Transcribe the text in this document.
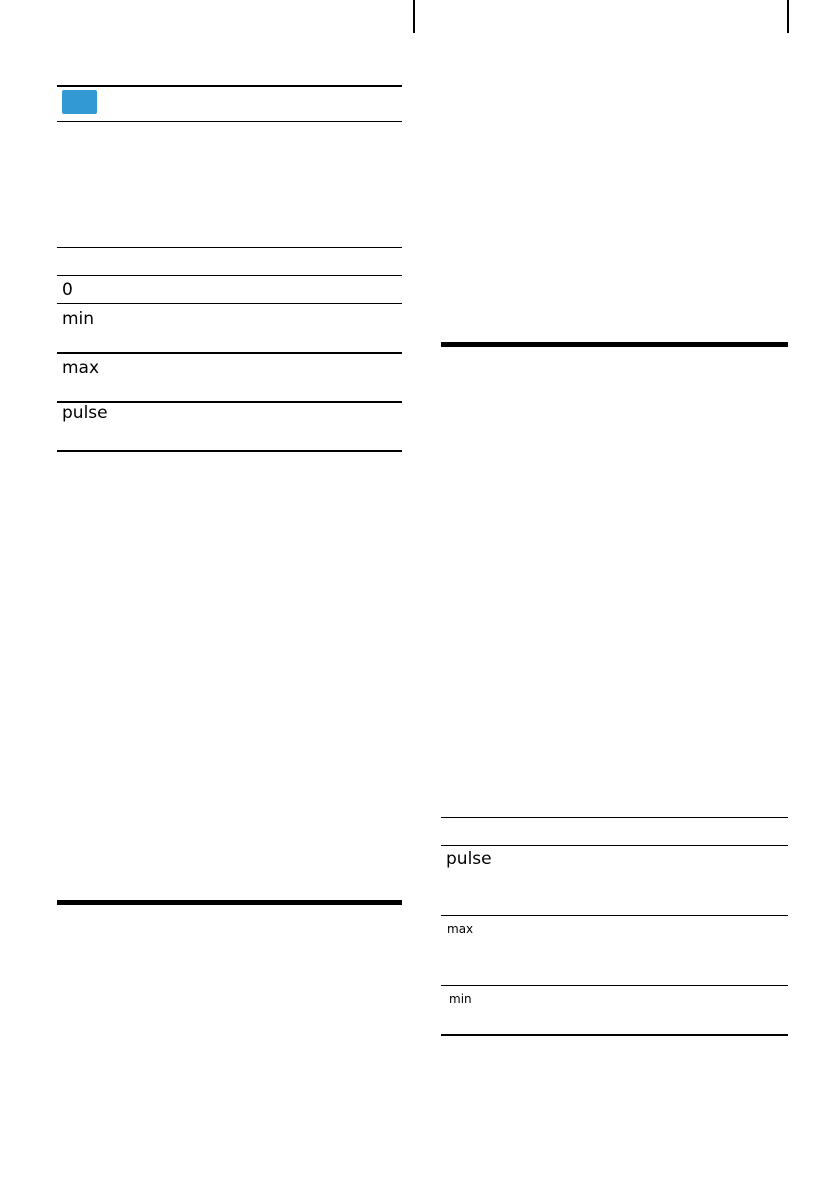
0
min
max
pulse
pulse
max
min
